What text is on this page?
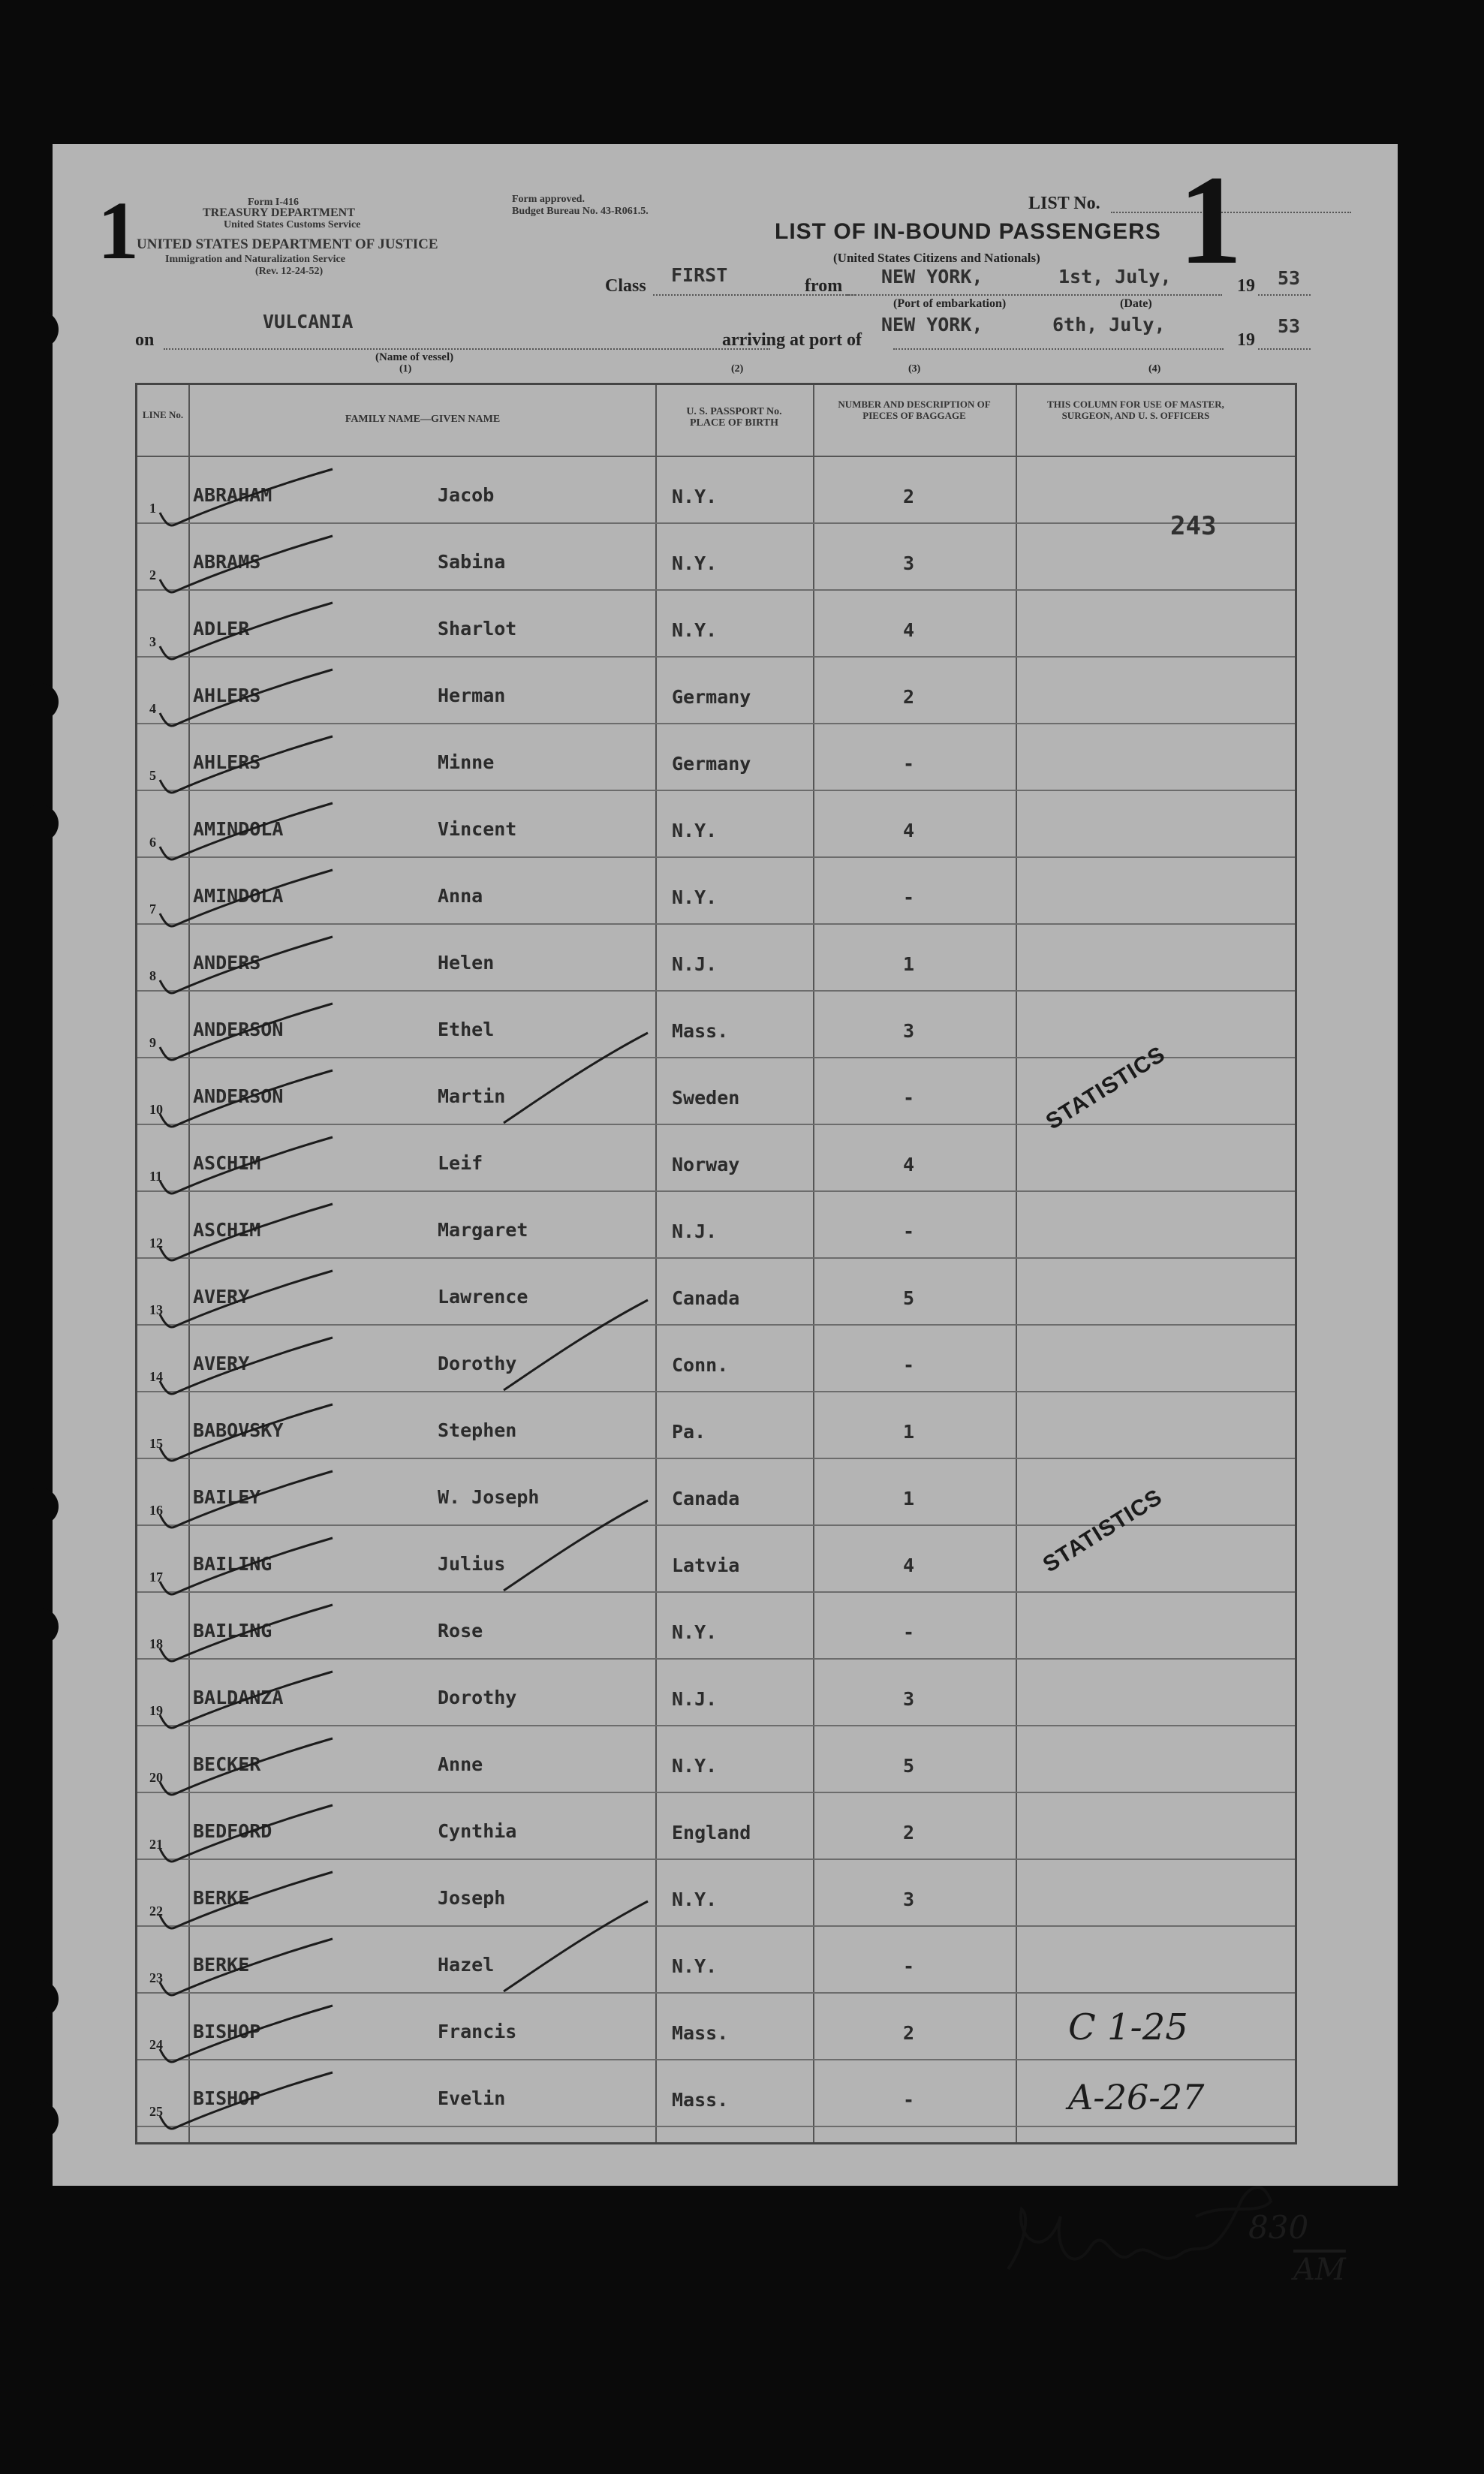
1	Form I-416
TREASURY DEPARTMENT
United States Customs Service
UNITED STATES DEPARTMENT OF JUSTICE
Immigration and Naturalization Service
(Rev. 12-24-52)
Form approved.
Budget Bureau No. 43-R061.5.	LIST No. 1
LIST OF IN-BOUND PASSENGERS
(United States Citizens and Nationals)
Class FIRST	from NEW YORK,	1st, July,	19 53
(Port of embarkation)	(Date)
on
VULCANIA
arriving at port of
NEW YORK,	6th, July,
19
53
(Name of vessel)
(1)	(2)	(3)	(4)
LINE No.	FAMILY NAME—GIVEN NAME
U. S. PASSPORT No. PLACE OF BIRTH
NUMBER AND DESCRIPTION OF PIECES OF BAGGAGE
THIS COLUMN FOR USE OF MASTER, SURGEON, AND U. S. OFFICERS
1
ABRAHAM	Jacob	N.Y.	2
2
ABRAMS	Sabina	N.Y.	3
3
ADLER	Sharlot	N.Y.	4
4
AHLERS	Herman	Germany	2
5
AHLERS	Minne	Germany	-
6
AMINDOLA	Vincent	N.Y.	4
7
AMINDOLA	Anna	N.Y.	-
8
ANDERS	Helen	N.J.	1
9
ANDERSON	Ethel	Mass.	3
10
ANDERSON	Martin	Sweden	-
11
ASCHIM	Leif	Norway	4
12
ASCHIM	Margaret	N.J.	-
13
AVERY	Lawrence	Canada	5
14
AVERY	Dorothy	Conn.	-
15
BABOVSKY	Stephen	Pa.	1
16
BAILEY	W. Joseph	Canada	1
17
BAILING	Julius	Latvia	4
18
BAILING	Rose	N.Y.	-
19
BALDANZA	Dorothy	N.J.	3
20
BECKER	Anne	N.Y.	5
21
BEDFORD	Cynthia	England	2
22
BERKE	Joseph	N.Y.	3
23
BERKE	Hazel	N.Y.	-
24
BISHOP	Francis	Mass.	2
25
BISHOP	Evelin	Mass.	-
243
STATISTICS
STATISTICS
C 1-25
A-26-27
830
$\overline{AM}$
